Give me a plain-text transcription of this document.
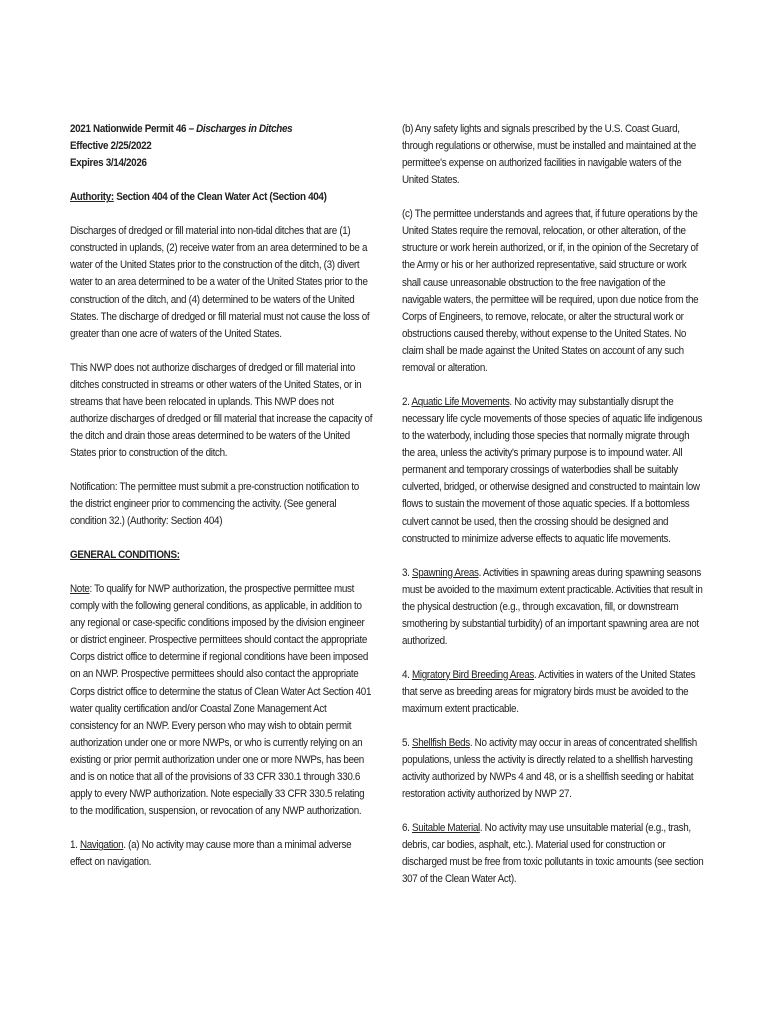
2021 Nationwide Permit 46 – Discharges in Ditches

Effective 2/25/2022

Expires 3/14/2026

Authority: Section 404 of the Clean Water Act (Section 404)

Discharges of dredged or fill material into non-tidal ditches that are (1) constructed in uplands, (2) receive water from an area determined to be a water of the United States prior to the construction of the ditch, (3) divert water to an area determined to be a water of the United States prior to the construction of the ditch, and (4) determined to be waters of the United States. The discharge of dredged or fill material must not cause the loss of greater than one acre of waters of the United States.

This NWP does not authorize discharges of dredged or fill material into ditches constructed in streams or other waters of the United States, or in streams that have been relocated in uplands. This NWP does not authorize discharges of dredged or fill material that increase the capacity of the ditch and drain those areas determined to be waters of the United States prior to construction of the ditch.

Notification: The permittee must submit a pre-construction notification to the district engineer prior to commencing the activity. (See general condition 32.) (Authority: Section 404)

GENERAL CONDITIONS:

Note: To qualify for NWP authorization, the prospective permittee must comply with the following general conditions, as applicable, in addition to any regional or case-specific conditions imposed by the division engineer or district engineer. Prospective permittees should contact the appropriate Corps district office to determine if regional conditions have been imposed on an NWP. Prospective permittees should also contact the appropriate Corps district office to determine the status of Clean Water Act Section 401 water quality certification and/or Coastal Zone Management Act consistency for an NWP. Every person who may wish to obtain permit authorization under one or more NWPs, or who is currently relying on an existing or prior permit authorization under one or more NWPs, has been and is on notice that all of the provisions of 33 CFR 330.1 through 330.6 apply to every NWP authorization. Note especially 33 CFR 330.5 relating to the modification, suspension, or revocation of any NWP authorization.

1. Navigation. (a) No activity may cause more than a minimal adverse effect on navigation.

(b) Any safety lights and signals prescribed by the U.S. Coast Guard, through regulations or otherwise, must be installed and maintained at the permittee's expense on authorized facilities in navigable waters of the United States.

(c) The permittee understands and agrees that, if future operations by the United States require the removal, relocation, or other alteration, of the structure or work herein authorized, or if, in the opinion of the Secretary of the Army or his or her authorized representative, said structure or work shall cause unreasonable obstruction to the free navigation of the navigable waters, the permittee will be required, upon due notice from the Corps of Engineers, to remove, relocate, or alter the structural work or obstructions caused thereby, without expense to the United States. No claim shall be made against the United States on account of any such removal or alteration.

2. Aquatic Life Movements. No activity may substantially disrupt the necessary life cycle movements of those species of aquatic life indigenous to the waterbody, including those species that normally migrate through the area, unless the activity's primary purpose is to impound water. All permanent and temporary crossings of waterbodies shall be suitably culverted, bridged, or otherwise designed and constructed to maintain low flows to sustain the movement of those aquatic species. If a bottomless culvert cannot be used, then the crossing should be designed and constructed to minimize adverse effects to aquatic life movements.

3. Spawning Areas. Activities in spawning areas during spawning seasons must be avoided to the maximum extent practicable. Activities that result in the physical destruction (e.g., through excavation, fill, or downstream smothering by substantial turbidity) of an important spawning area are not authorized.

4. Migratory Bird Breeding Areas. Activities in waters of the United States that serve as breeding areas for migratory birds must be avoided to the maximum extent practicable.

5. Shellfish Beds. No activity may occur in areas of concentrated shellfish populations, unless the activity is directly related to a shellfish harvesting activity authorized by NWPs 4 and 48, or is a shellfish seeding or habitat restoration activity authorized by NWP 27.

6. Suitable Material. No activity may use unsuitable material (e.g., trash, debris, car bodies, asphalt, etc.). Material used for construction or discharged must be free from toxic pollutants in toxic amounts (see section 307 of the Clean Water Act).
